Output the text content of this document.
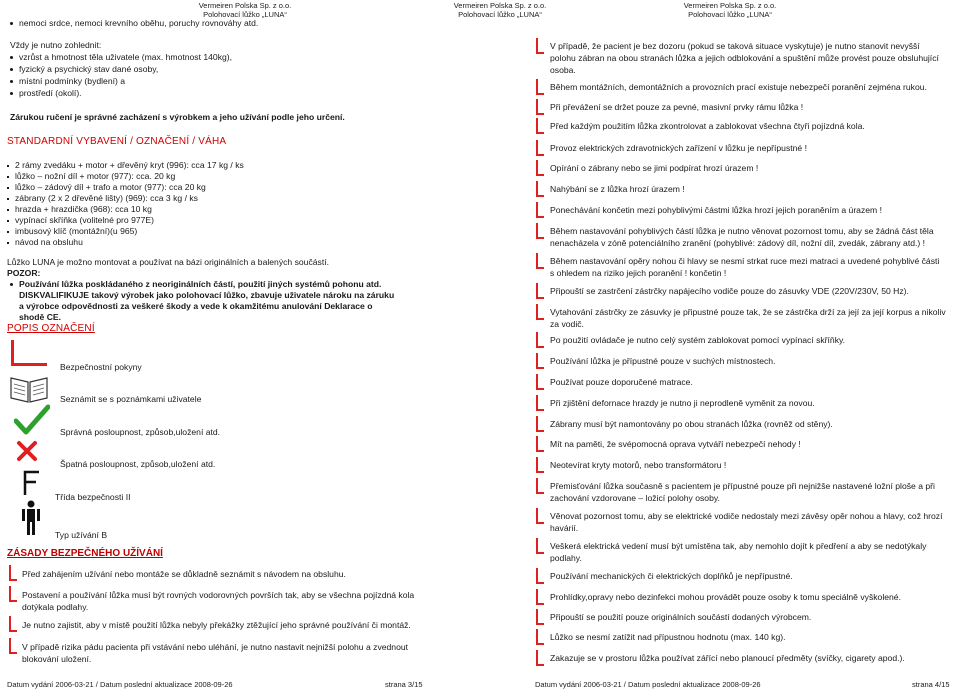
Vermeiren Polska Sp. z o.o.
Polohovací lůžko „LUNA“
nemoci srdce, nemoci krevního oběhu, poruchy rovnováhy atd.
Vždy je nutno zohlednit:
vzrůst a hmotnost těla uživatele (max. hmotnost 140kg),
fyzický a psychický stav dané osoby,
místní podmínky (bydlení) a
prostředí (okolí).
Zárukou ručení je správné zacházení s výrobkem a jeho užívání podle jeho určení.
STANDARDNÍ VYBAVENÍ / OZNAČENÍ / VÁHA
2 rámy zvedáku + motor + dřevěný kryt (996): cca 17 kg / ks
lůžko – nožní díl + motor (977): cca. 20 kg
lůžko – zádový díl + trafo a motor (977): cca 20 kg
zábrany (2 x 2 dřevěné lišty) (969): cca 3 kg / ks
hrazda + hrazdička (968): cca 10 kg
vypínací skříňka (volitelné pro 977E)
imbusový klíč (montážní)(u 965)
návod na obsluhu
Lůžko LUNA je možno montovat a používat na bázi originálních a balených součástí.
POZOR:
Používání lůžka poskládaného z neoriginálních částí, použití jiných systémů pohonu atd.
DISKVALIFIKUJE takový výrobek jako polohovací lůžko, zbavuje uživatele nároku na záruku
a výrobce odpovědnosti za veškeré škody a vede k okamžitému anulování Deklarace o
shodě CE.
POPIS OZNAČENÍ
Bezpečnostní pokyny
Seznámit se s poznámkami uživatele
Správná posloupnost, způsob,uložení atd.
Špatná posloupnost, způsob,uložení atd.
Třída bezpečnosti II
Typ užívání B
ZÁSADY BEZPEČNÉHO UŽÍVÁNÍ
Před zahájením užívání nebo montáže se důkladně seznámit s návodem na obsluhu.
Postavení a používání lůžka musí být rovných vodorovných površích tak, aby se všechna pojízdná kola
dotýkala podlahy.
Je nutno zajistit, aby v místě použití lůžka nebyly překážky ztěžující jeho správné používání či montáž.
V případě rizika pádu pacienta při vstávání nebo uléhání, je nutno nastavit nejnižší polohu a zvednout
blokování uložení.
Datum vydání 2006-03-21 / Datum poslední aktualizace 2008-09-26	strana 3/15
Vermeiren Polska Sp. z o.o.
Polohovací lůžko „LUNA“
Vermeiren Polska Sp. z o.o.
Polohovací lůžko „LUNA“
V případě, že pacient je bez dozoru (pokud se taková situace vyskytuje) je nutno stanovit nevyšší
polohu zábran na obou stranách lůžka a jejich odblokování a spuštění může provést pouze obsluhující
osoba.
Během montážních, demontážních a provozních prací existuje nebezpečí poranění zejména rukou.
Při převážení se držet pouze za pevné, masivní prvky rámu lůžka !
Před každým použitím lůžka zkontrolovat a zablokovat všechna čtyři pojízdná kola.
Provoz elektrických zdravotnických zařízení v lůžku je nepřípustné !
Opírání o zábrany nebo se jimi podpírat hrozí úrazem !
Nahýbání se z lůžka hrozí úrazem !
Ponechávání končetin mezi pohyblivými částmi lůžka hrozí jejich poraněním a úrazem !
Během nastavování pohyblivých částí lůžka je nutno věnovat pozornost tomu, aby se žádná část těla
nenacházela v zóně potenciálního zranění (pohyblivé: zádový díl, nožní díl, zvedák, zábrany atd.) !
Během nastavování opěry nohou či hlavy se nesmí strkat ruce mezi matraci a uvedené pohyblivé části
s ohledem na riziko jejich poranění ! končetin !
Připouští se zastrčení zástrčky napájecího vodiče pouze do zásuvky VDE (220V/230V, 50 Hz).
Vytahování zástrčky ze zásuvky je připustné pouze tak, že se zástrčka drží za její za její korpus a nikoliv
za vodič.
Po použití ovládače je nutno celý systém zablokovat pomocí vypínací skříňky.
Používání lůžka je přípustné pouze v suchých místnostech.
Používat pouze doporučené matrace.
Při zjištění defornace hrazdy je nutno ji neprodleně vyměnit za novou.
Zábrany musí být namontovány po obou stranách lůžka (rovněž od stěny).
Mít na paměti, že svépomocná oprava vytváří nebezpečí nehody !
Neotevírat kryty motorů, nebo transformátoru !
Přemisťování lůžka současně s pacientem je přípustné pouze při nejnižše nastavené ložní ploše a při
zachování vzdorovane – ložicí polohy osoby.
Věnovat pozornost tomu, aby se elektrické vodiče nedostaly mezi závěsy opěr nohou a hlavy, což hrozí
havárií.
Veškerá elektrická vedení musí být umístěna tak, aby nemohlo dojít k předření a aby se nedotýkaly
podlahy.
Používání mechanických či elektrických doplňků je nepřípustné.
Prohlídky,opravy nebo dezinfekci mohou provádět pouze osoby k tomu speciálně vyškolené.
Připouští se použití pouze originálních součástí dodaných výrobcem.
Lůžko se nesmí zatížit nad přípustnou hodnotu (max. 140 kg).
Zakazuje se v prostoru lůžka používat zářící nebo planoucí předměty (svíčky, cigarety apod.).
Datum vydání 2006-03-21 / Datum poslední aktualizace 2008-09-26	strana 4/15
